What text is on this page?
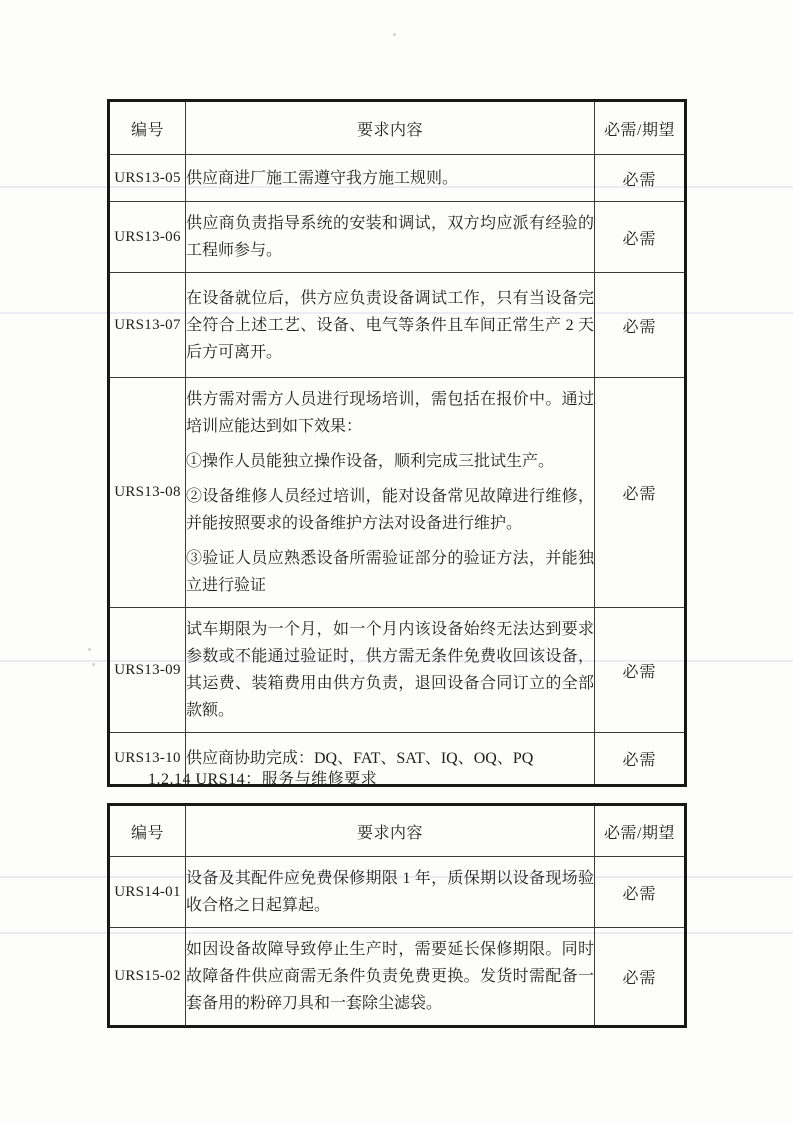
编号	要求内容	必需/期望
URS13-05	供应商进厂施工需遵守我方施工规则。	必需
URS13-06	供应商负责指导系统的安装和调试，双方均应派有经验的工程师参与。	必需
URS13-07	在设备就位后，供方应负责设备调试工作，只有当设备完全符合上述工艺、设备、电气等条件且车间正常生产 2 天后方可离开。	必需
URS13-08	供方需对需方人员进行现场培训，需包括在报价中。通过培训应能达到如下效果：

①操作人员能独立操作设备，顺利完成三批试生产。

②设备维修人员经过培训，能对设备常见故障进行维修，并能按照要求的设备维护方法对设备进行维护。

③验证人员应熟悉设备所需验证部分的验证方法，并能独立进行验证	必需
URS13-09	试车期限为一个月，如一个月内该设备始终无法达到要求参数或不能通过验证时，供方需无条件免费收回该设备，其运费、装箱费用由供方负责，退回设备合同订立的全部款额。	必需
URS13-10	供应商协助完成：DQ、FAT、SAT、IQ、OQ、PQ	必需
1.2.14 URS14：服务与维修要求
编号	要求内容	必需/期望
URS14-01	设备及其配件应免费保修期限 1 年，质保期以设备现场验收合格之日起算起。	必需
URS15-02	如因设备故障导致停止生产时，需要延长保修期限。同时故障备件供应商需无条件负责免费更换。发货时需配备一套备用的粉碎刀具和一套除尘滤袋。	必需
